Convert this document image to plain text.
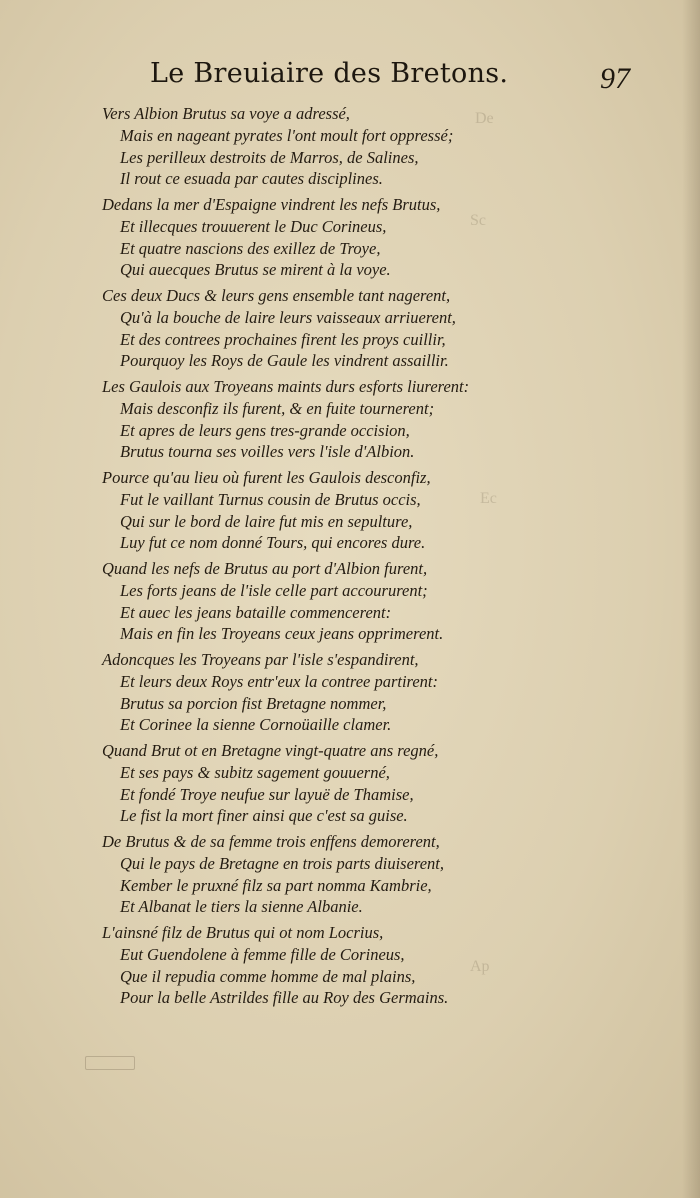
De
Sc
Ec
Ap
Le Breuiaire des Bretons.	97
Vers Albion Brutus sa voye a adressé,
Mais en nageant pyrates l'ont moult fort oppressé;
Les perilleux destroits de Marros, de Salines,
Il rout ce esuada par cautes disciplines.
Dedans la mer d'Espaigne vindrent les nefs Brutus,
Et illecques trouuerent le Duc Corineus,
Et quatre nascions des exillez de Troye,
Qui auecques Brutus se mirent à la voye.
Ces deux Ducs & leurs gens ensemble tant nagerent,
Qu'à la bouche de laire leurs vaisseaux arriuerent,
Et des contrees prochaines firent les proys cuillir,
Pourquoy les Roys de Gaule les vindrent assaillir.
Les Gaulois aux Troyeans maints durs esforts liurerent:
Mais desconfiz ils furent, & en fuite tournerent;
Et apres de leurs gens tres-grande occision,
Brutus tourna ses voilles vers l'isle d'Albion.
Pource qu'au lieu où furent les Gaulois desconfiz,
Fut le vaillant Turnus cousin de Brutus occis,
Qui sur le bord de laire fut mis en sepulture,
Luy fut ce nom donné Tours, qui encores dure.
Quand les nefs de Brutus au port d'Albion furent,
Les forts jeans de l'isle celle part accoururent;
Et auec les jeans bataille commencerent:
Mais en fin les Troyeans ceux jeans opprimerent.
Adoncques les Troyeans par l'isle s'espandirent,
Et leurs deux Roys entr'eux la contree partirent:
Brutus sa porcion fist Bretagne nommer,
Et Corinee la sienne Cornoüaille clamer.
Quand Brut ot en Bretagne vingt-quatre ans regné,
Et ses pays & subitz sagement gouuerné,
Et fondé Troye neufue sur layuë de Thamise,
Le fist la mort finer ainsi que c'est sa guise.
De Brutus & de sa femme trois enffens demorerent,
Qui le pays de Bretagne en trois parts diuiserent,
Kember le pruxné filz sa part nomma Kambrie,
Et Albanat le tiers la sienne Albanie.
L'ainsné filz de Brutus qui ot nom Locrius,
Eut Guendolene à femme fille de Corineus,
Que il repudia comme homme de mal plains,
Pour la belle Astrildes fille au Roy des Germains.
